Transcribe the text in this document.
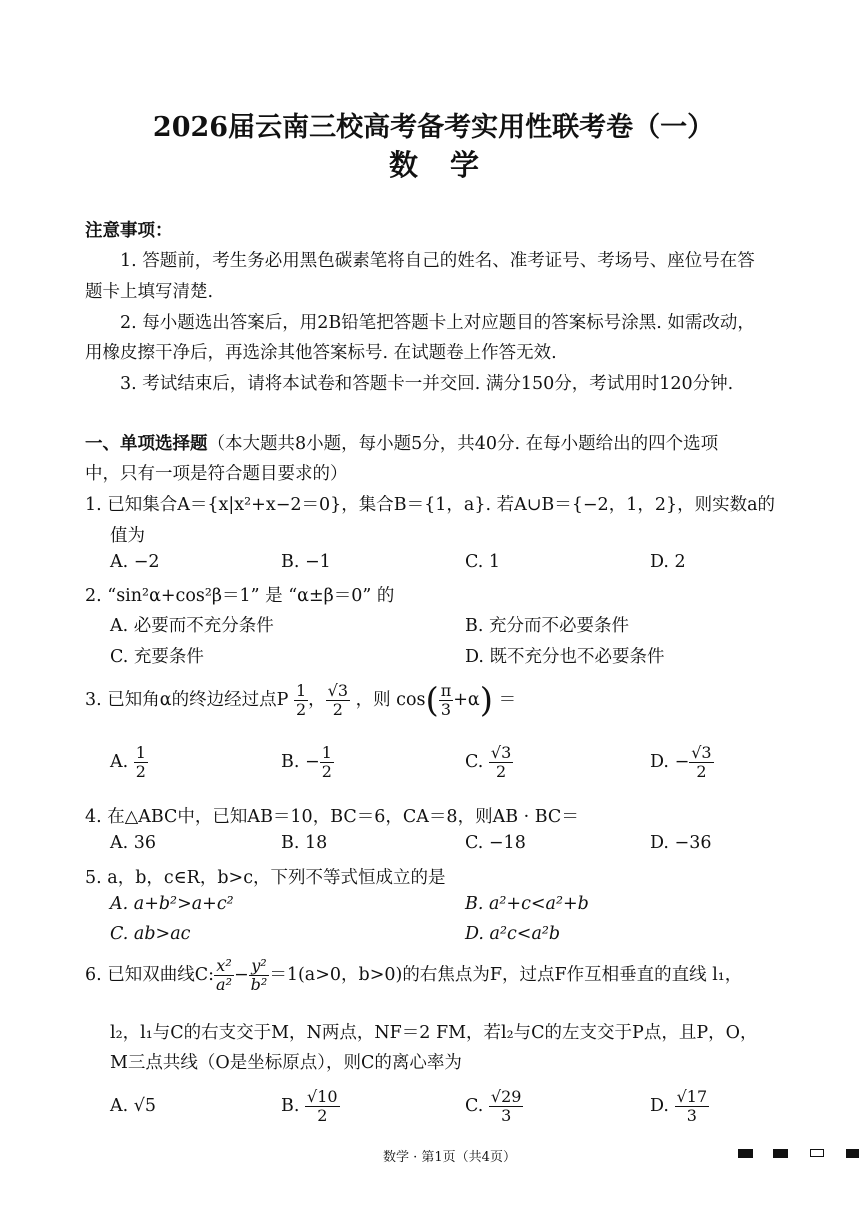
2026届云南三校高考备考实用性联考卷（一）
数学
注意事项：
1. 答题前，考生务必用黑色碳素笔将自己的姓名、准考证号、考场号、座位号在答
题卡上填写清楚.
2. 每小题选出答案后，用2B铅笔把答题卡上对应题目的答案标号涂黑. 如需改动，
用橡皮擦干净后，再选涂其他答案标号. 在试题卷上作答无效.
3. 考试结束后，请将本试卷和答题卡一并交回. 满分150分，考试用时120分钟.
一、单项选择题（本大题共8小题，每小题5分，共40分. 在每小题给出的四个选项
中，只有一项是符合题目要求的）
1. 已知集合A＝{x|x²+x−2＝0}，集合B＝{1，a}. 若A∪B＝{−2，1，2}，则实数a的
值为
A. −2	B. −1	C. 1	D. 2
2. “sin²α+cos²β＝1” 是 “α±β＝0” 的
A. 必要而不充分条件	B. 充分而不必要条件
C. 充要条件	D. 既不充分也不必要条件
3. 已知角α的终边经过点P $\frac{1}{2}$ ， $\frac{√3}{2}$ ，则 $\cos( \frac{\pi}{3} +\alpha)$ ＝
A. $\frac{1}{2}$	B. − $\frac{1}{2}$	C. $\frac{√3}{2}$	D. − $\frac{√3}{2}$
4. 在△ABC中，已知AB＝10，BC＝6，CA＝8，则AB · BC＝
A. 36	B. 18	C. −18	D. −36
5. a，b，c∈R，b>c，下列不等式恒成立的是
A. a+b²>a+c²	B. a²+c<a²+b
C. ab>ac	D. a²c<a²b
6. 已知双曲线C: $\frac{\text{x²}}{\text{a²}} - \frac{\text{y²}}{\text{b²}} =1(a>0$，b>0)的右焦点为F，过点F作互相垂直的直线 l₁，
l₂，l₁与C的右支交于M，N两点，NF＝2 FM，若l₂与C的左支交于P点，且P，O，
M三点共线（O是坐标原点），则C的离心率为
A. √5	B. $\frac{√10}{2}$	C. $\frac{√29}{3}$	D. $\frac{√17}{3}$
数学 · 第1页（共4页）
